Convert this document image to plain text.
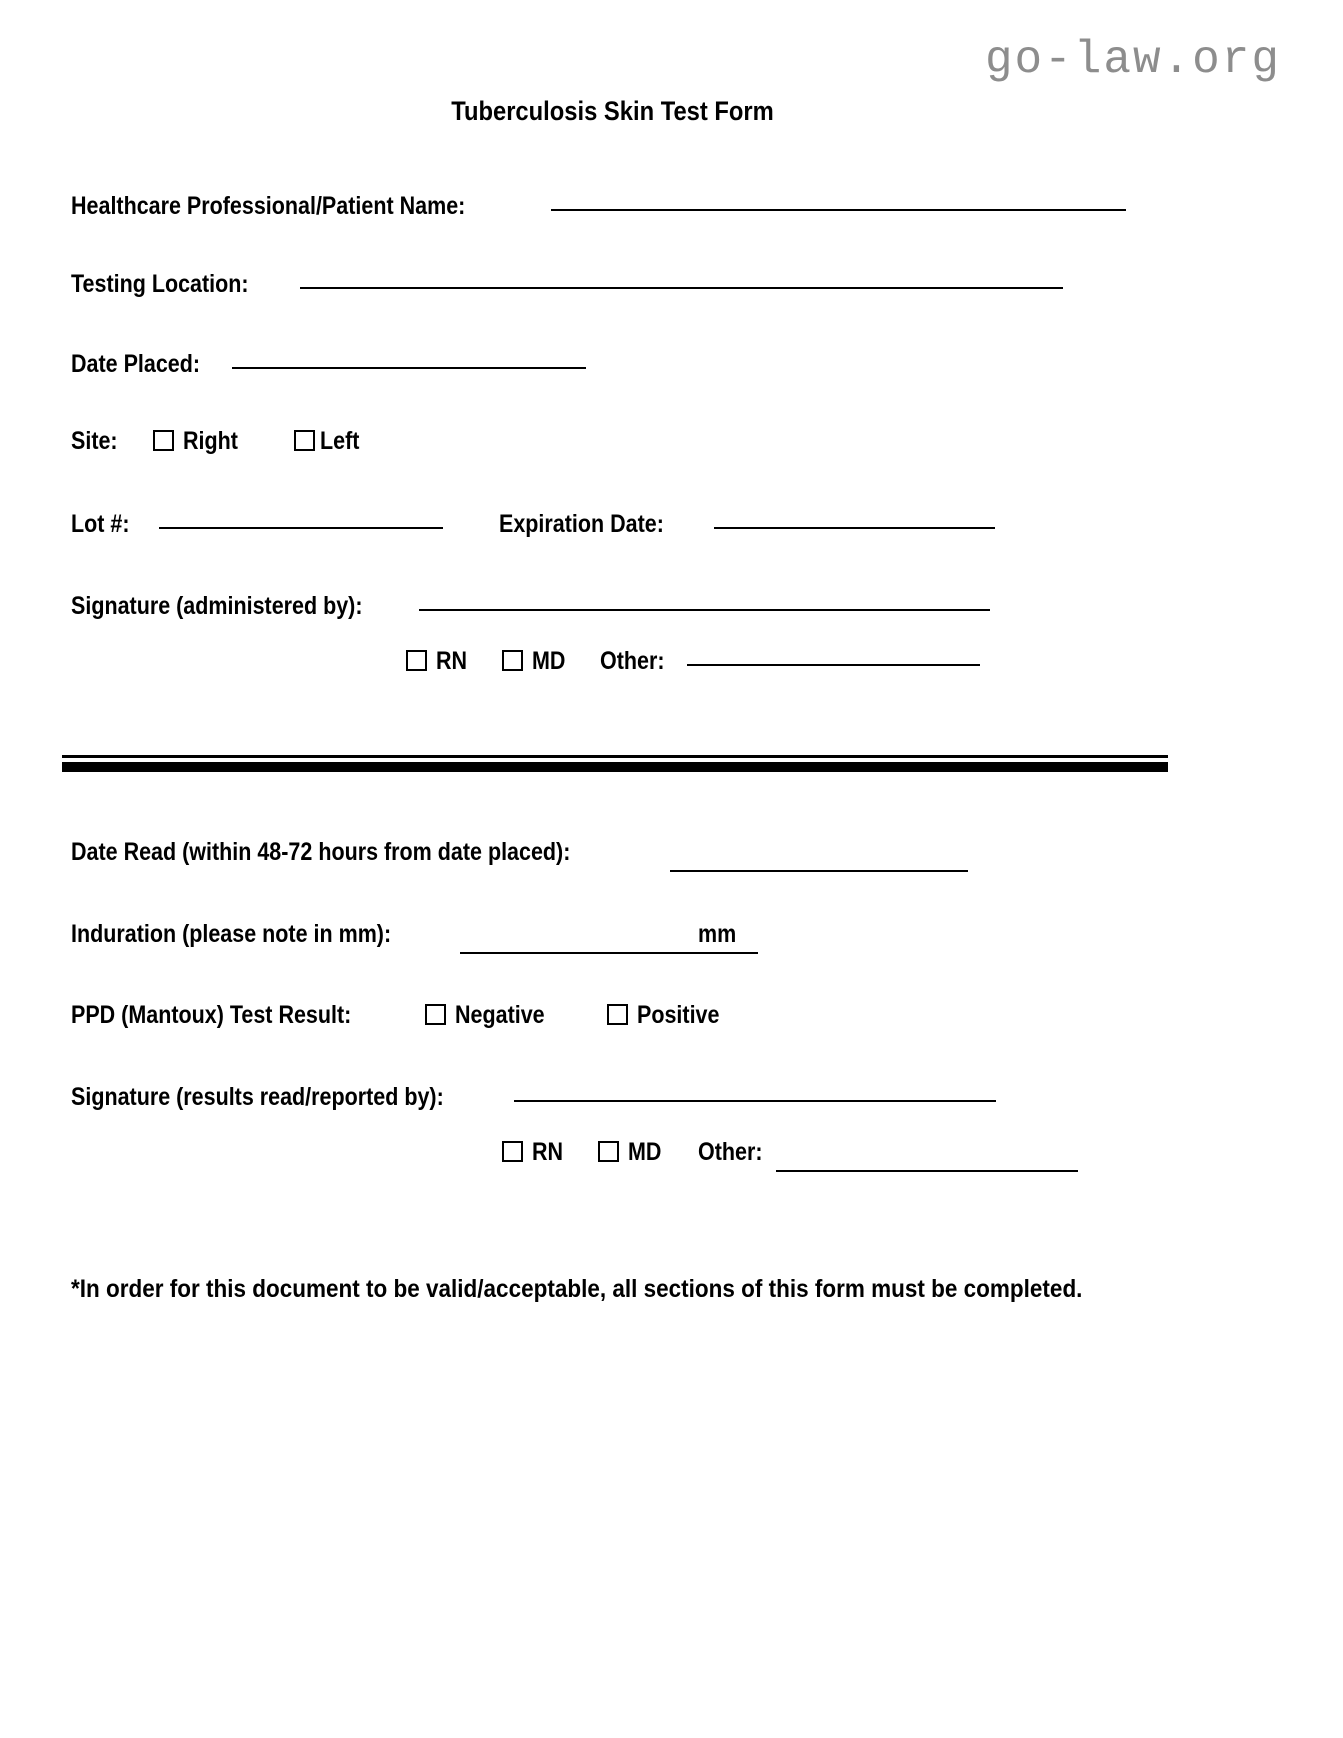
go-law.org
Tuberculosis Skin Test Form
Healthcare Professional/Patient Name:
Testing Location:
Date Placed:
Site:	Right	Left
Lot #:	Expiration Date:
Signature (administered by):
RN	MD Other:
Date Read (within 48-72 hours from date placed):
Induration (please note in mm):	mm
PPD (Mantoux) Test Result:	Negative	Positive
Signature (results read/reported by):
RN	MD Other:
*In order for this document to be valid/acceptable, all sections of this form must be completed.
